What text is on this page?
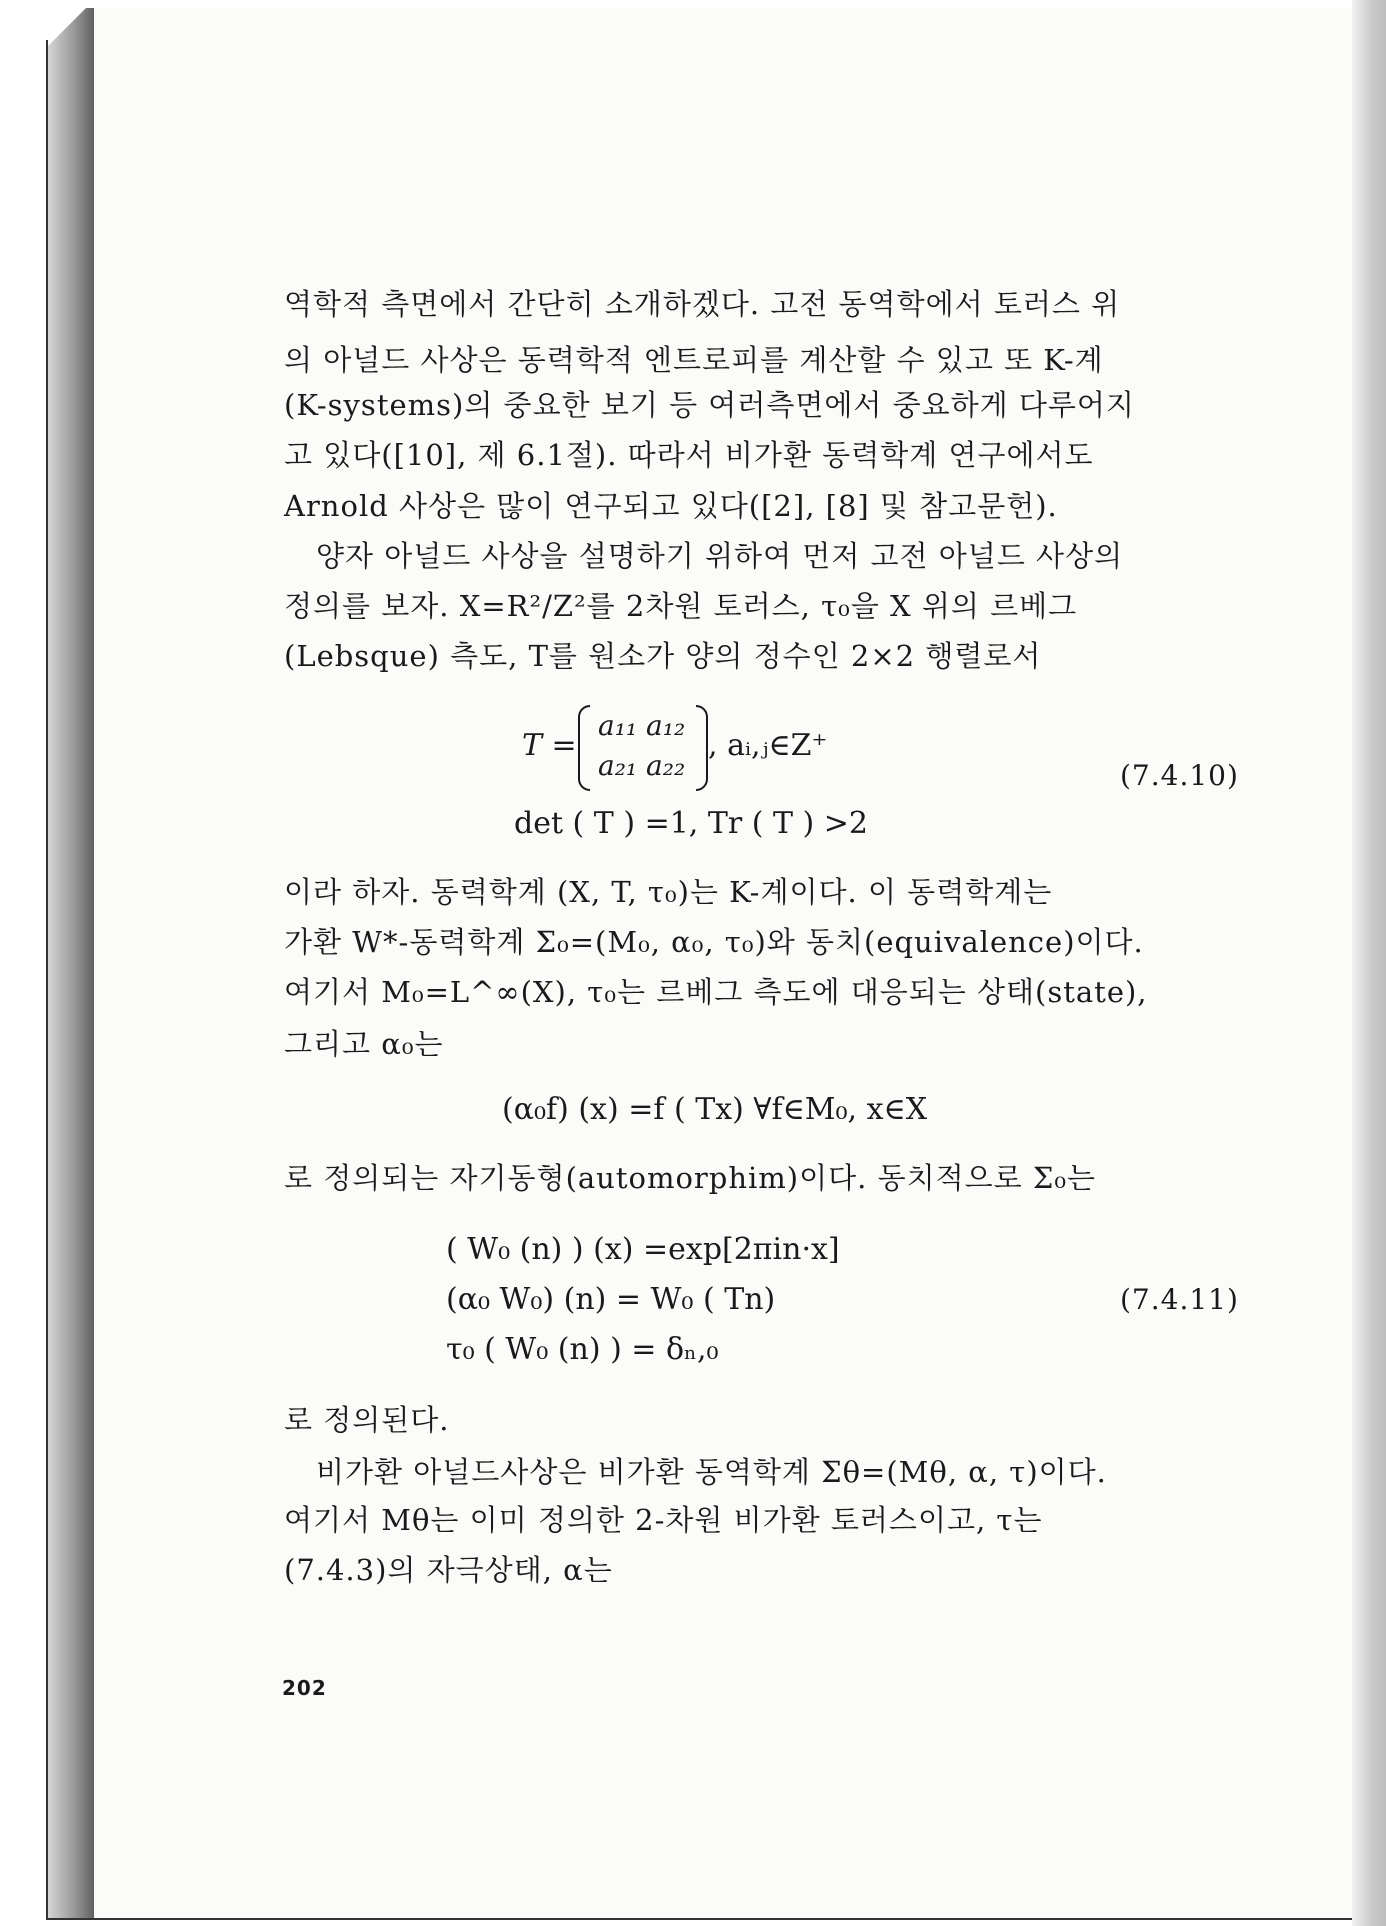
역학적 측면에서 간단히 소개하겠다. 고전 동역학에서 토러스 위
의 아널드 사상은 동력학적 엔트로피를 계산할 수 있고 또 K-계
(K-systems)의 중요한 보기 등 여러측면에서 중요하게 다루어지
고 있다([10], 제 6.1절). 따라서 비가환 동력학계 연구에서도
Arnold 사상은 많이 연구되고 있다([2], [8] 및 참고문헌).
양자 아널드 사상을 설명하기 위하여 먼저 고전 아널드 사상의
정의를 보자. X=R²/Z²를 2차원 토러스, τ₀을 X 위의 르베그
(Lebsque) 측도, T를 원소가 양의 정수인 2×2 행렬로서
T =
a₁₁ a₁₂
a₂₁ a₂₂
, aᵢ,ⱼ∈Z⁺
(7.4.10)
det ( T ) =1, Tr ( T ) >2
이라 하자. 동력학계 (X, T, τ₀)는 K-계이다. 이 동력학계는
가환 W*-동력학계 Σ₀=(M₀, α₀, τ₀)와 동치(equivalence)이다.
여기서 M₀=L^∞(X), τ₀는 르베그 측도에 대응되는 상태(state),
그리고 α₀는
(α₀f) (x) =f ( Tx) ∀f∈M₀, x∈X
로 정의되는 자기동형(automorphim)이다. 동치적으로 Σ₀는
( W₀ (n) ) (x) =exp[2πin·x]
(α₀ W₀) (n) = W₀ ( Tn)	(7.4.11)
τ₀ ( W₀ (n) ) = δₙ,₀
로 정의된다.
비가환 아널드사상은 비가환 동역학계 Σθ=(Mθ, α, τ)이다.
여기서 Mθ는 이미 정의한 2-차원 비가환 토러스이고, τ는
(7.4.3)의 자극상태, α는
202
